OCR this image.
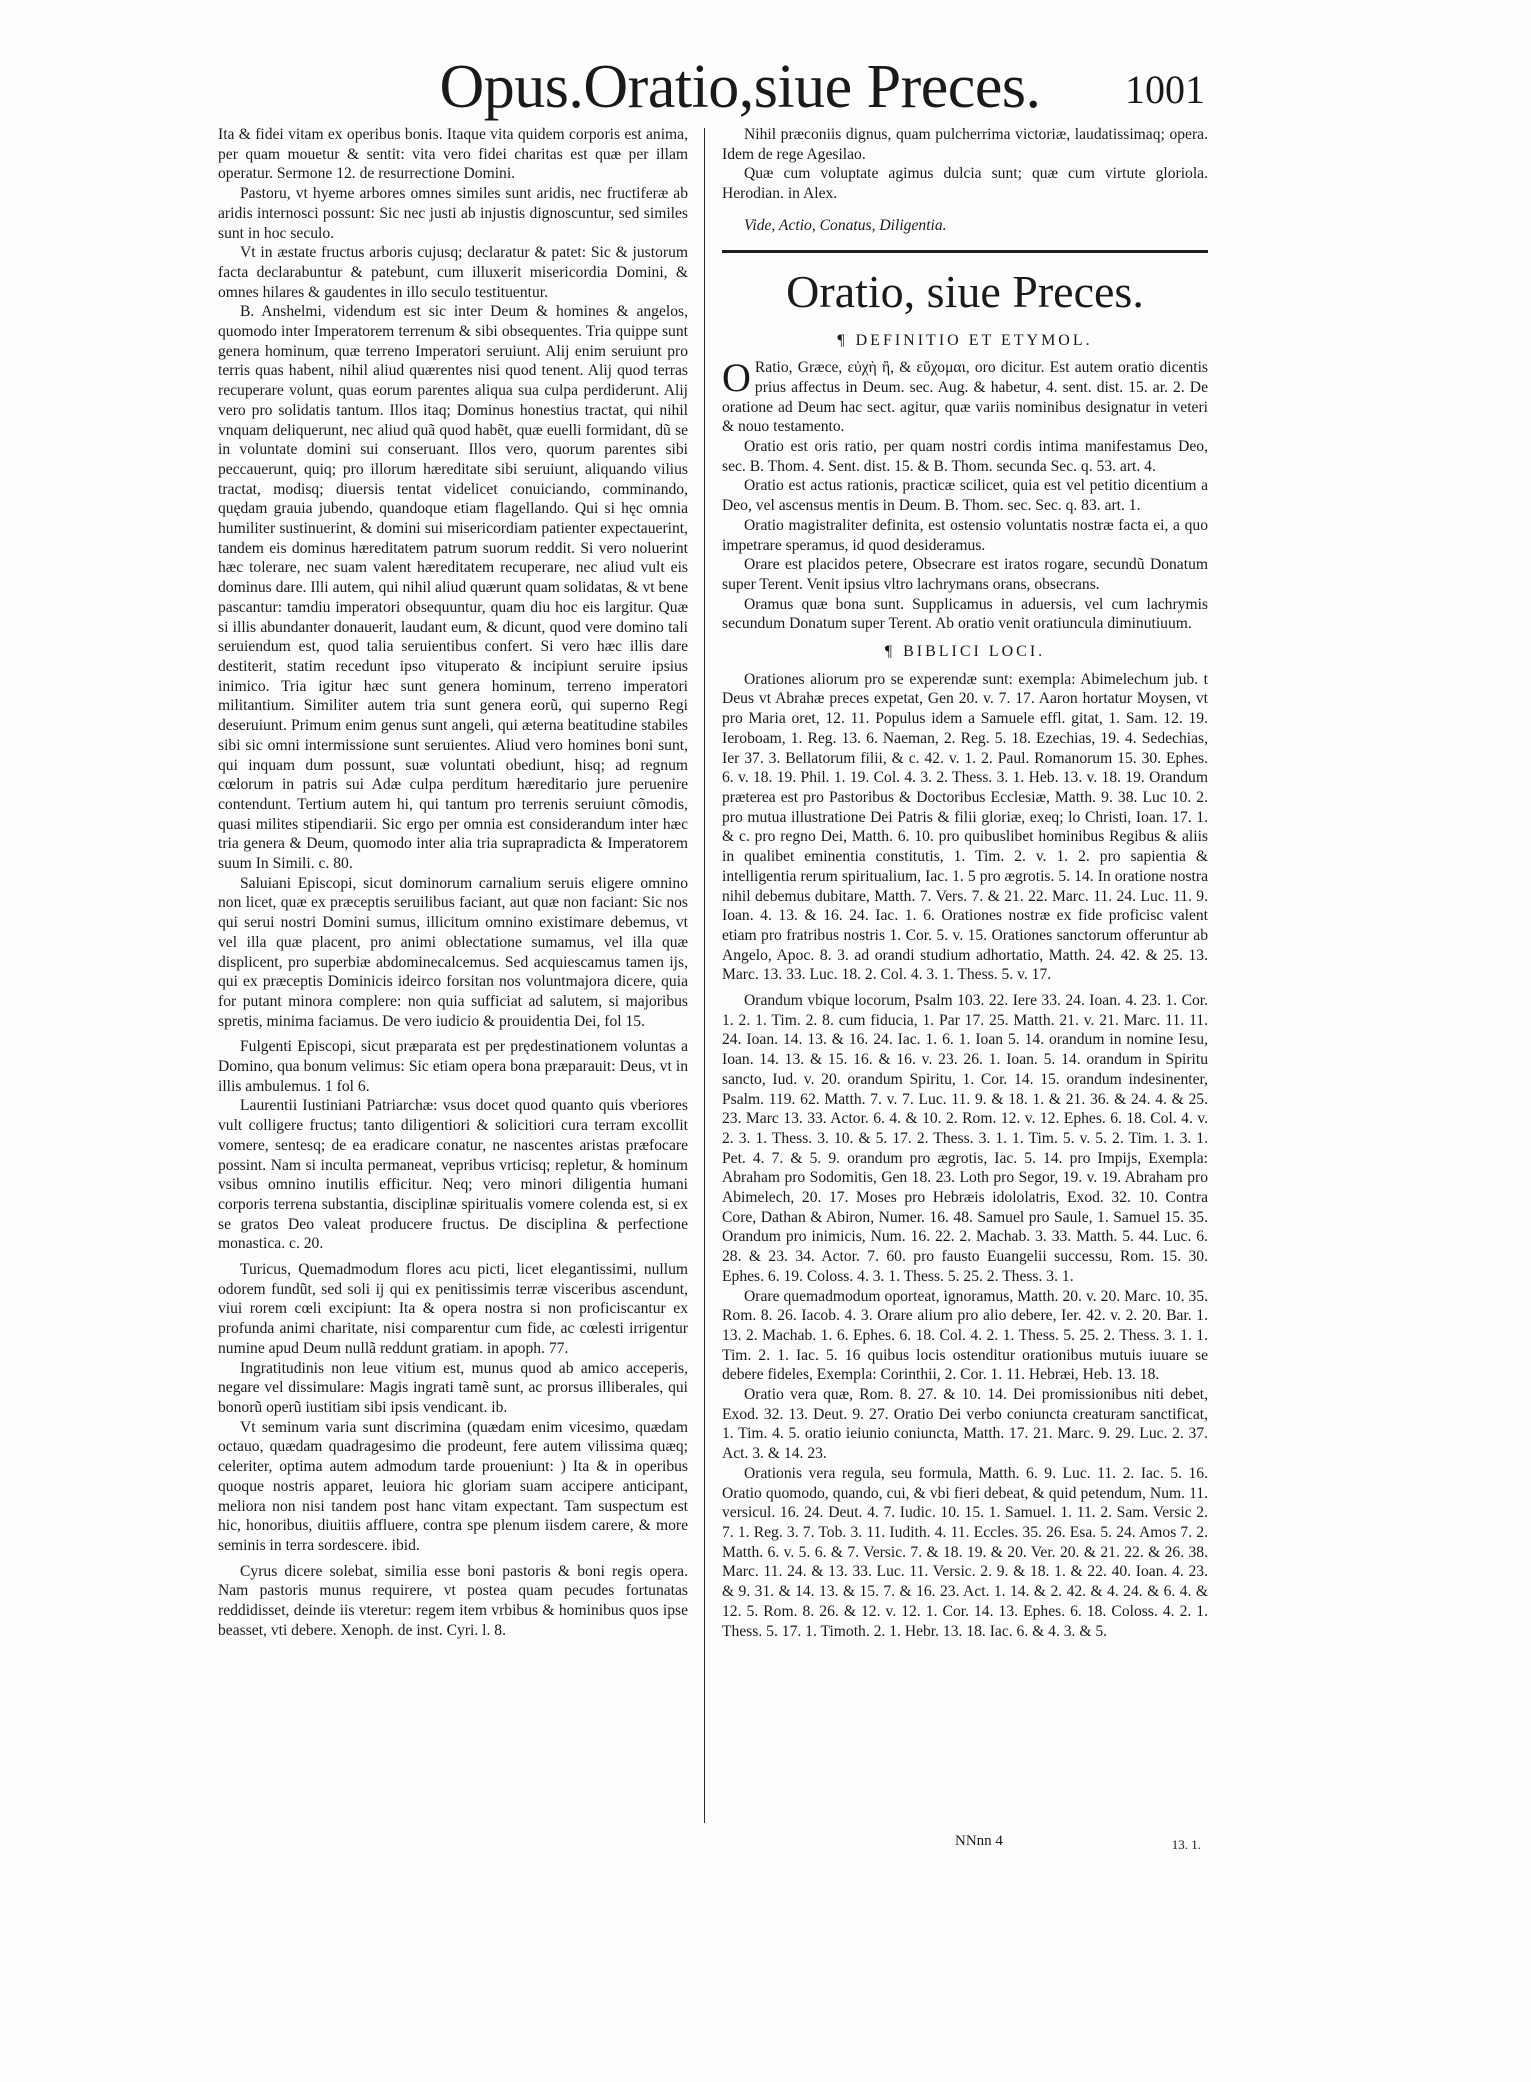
Opus.Oratio,siue Preces. 1001

Ita & fidei vitam ex operibus bonis. Itaque vita quidem corporis est anima, per quam mouetur & sentit: vita vero fidei charitas est quæ per illam operatur. Sermone 12. de resurrectione Domini.

Pastoru, vt hyeme arbores omnes similes sunt aridis, nec fructiferæ ab aridis internosci possunt: Sic nec justi ab injustis dignoscuntur, sed similes sunt in hoc seculo.

Vt in æstate fructus arboris cujusq; declaratur & patet: Sic & justorum facta declarabuntur & patebunt, cum illuxerit misericordia Domini, & omnes hilares & gaudentes in illo seculo testituentur.

B. Anshelmi, videndum est sic inter Deum & homines & angelos, quomodo inter Imperatorem terrenum & sibi obsequentes. Tria quippe sunt genera hominum, quæ terreno Imperatori seruiunt. Alij enim seruiunt pro terris quas habent, nihil aliud quærentes nisi quod tenent. Alij quod terras recuperare volunt, quas eorum parentes aliqua sua culpa perdiderunt. Alij vero pro solidatis tantum. Illos itaq; Dominus honestius tractat, qui nihil vnquam deliquerunt, nec aliud quã quod habẽt, quæ euelli formidant, dũ se in voluntate domini sui conseruant. Illos vero, quorum parentes sibi peccauerunt, quiq; pro illorum hæreditate sibi seruiunt, aliquando vilius tractat, modisq; diuersis tentat videlicet conuiciando, comminando, quędam grauia jubendo, quandoque etiam flagellando. Qui si hęc omnia humiliter sustinuerint, & domini sui misericordiam patienter expectauerint, tandem eis dominus hæreditatem patrum suorum reddit. Si vero noluerint hæc tolerare, nec suam valent hæreditatem recuperare, nec aliud vult eis dominus dare. Illi autem, qui nihil aliud quærunt quam solidatas, & vt bene pascantur: tamdiu imperatori obsequuntur, quam diu hoc eis largitur. Quæ si illis abundanter donauerit, laudant eum, & dicunt, quod vere domino tali seruiendum est, quod talia seruientibus confert. Si vero hæc illis dare destiterit, statim recedunt ipso vituperato & incipiunt seruire ipsius inimico. Tria igitur hæc sunt genera hominum, terreno imperatori militantium. Similiter autem tria sunt genera eorũ, qui superno Regi deseruiunt. Primum enim genus sunt angeli, qui æterna beatitudine stabiles sibi sic omni intermissione sunt seruientes. Aliud vero homines boni sunt, qui inquam dum possunt, suæ voluntati obediunt, hisq; ad regnum cœlorum in patris sui Adæ culpa perditum hæreditario jure peruenire contendunt. Tertium autem hi, qui tantum pro terrenis seruiunt cõmodis, quasi milites stipendiarii. Sic ergo per omnia est considerandum inter hæc tria genera & Deum, quomodo inter alia tria suprapradicta & Imperatorem suum In Simili. c. 80.

Saluiani Episcopi, sicut dominorum carnalium seruis eligere omnino non licet, quæ ex præceptis seruilibus faciant, aut quæ non faciant: Sic nos qui serui nostri Domini sumus, illicitum omnino existimare debemus, vt vel illa quæ placent, pro animi oblectatione sumamus, vel illa quæ displicent, pro superbiæ abdominecalcemus. Sed acquiescamus tamen ijs, qui ex præceptis Dominicis ideirco forsitan nos voluntmajora dicere, quia for putant minora complere: non quia sufficiat ad salutem, si majoribus spretis, minima faciamus. De vero iudicio & prouidentia Dei, fol 15.

Fulgenti Episcopi, sicut præparata est per prędestinationem voluntas a Domino, qua bonum velimus: Sic etiam opera bona præparauit: Deus, vt in illis ambulemus. 1 fol 6.

Laurentii Iustiniani Patriarchæ: vsus docet quod quanto quis vberiores vult colligere fructus; tanto diligentiori & solicitiori cura terram excollit vomere, sentesq; de ea eradicare conatur, ne nascentes aristas præfocare possint. Nam si inculta permaneat, vepribus vrticisq; repletur, & hominum vsibus omnino inutilis efficitur. Neq; vero minori diligentia humani corporis terrena substantia, disciplinæ spiritualis vomere colenda est, si ex se gratos Deo valeat producere fructus. De disciplina & perfectione monastica. c. 20.

Turicus, Quemadmodum flores acu picti, licet elegantissimi, nullum odorem fundũt, sed soli ij qui ex penitissimis terræ visceribus ascendunt, viui rorem cœli excipiunt: Ita & opera nostra si non proficiscantur ex profunda animi charitate, nisi comparentur cum fide, ac cœlesti irrigentur numine apud Deum nullã reddunt gratiam. in apoph. 77.

Ingratitudinis non leue vitium est, munus quod ab amico acceperis, negare vel dissimulare: Magis ingrati tamẽ sunt, ac prorsus illiberales, qui bonorũ operũ iustitiam sibi ipsis vendicant. ib.

Vt seminum varia sunt discrimina (quædam enim vicesimo, quædam octauo, quædam quadragesimo die prodeunt, fere autem vilissima quæq; celeriter, optima autem admodum tarde proueniunt: ) Ita & in operibus quoque nostris apparet, leuiora hic gloriam suam accipere anticipant, meliora non nisi tandem post hanc vitam expectant. Tam suspectum est hic, honoribus, diuitiis affluere, contra spe plenum iisdem carere, & more seminis in terra sordescere. ibid.

Cyrus dicere solebat, similia esse boni pastoris & boni regis opera. Nam pastoris munus requirere, vt postea quam pecudes fortunatas reddidisset, deinde iis vteretur: regem item vrbibus & hominibus quos ipse beasset, vti debere. Xenoph. de inst. Cyri. l. 8.

Nihil præconiis dignus, quam pulcherrima victoriæ, laudatissimaq; opera. Idem de rege Agesilao.

Quæ cum voluptate agimus dulcia sunt; quæ cum virtute gloriola. Herodian. in Alex.

Vide, Actio, Conatus, Diligentia.

Oratio, siue Preces.

¶ DEFINITIO ET ETYMOL.

O Ratio, Græce, εὐχὴ ἢ, & εὔχομαι, oro dicitur. Est autem oratio dicentis prius affectus in Deum. sec. Aug. & habetur, 4. sent. dist. 15. ar. 2. De oratione ad Deum hac sect. agitur, quæ variis nominibus designatur in veteri & nouo testamento.

Oratio est oris ratio, per quam nostri cordis intima manifestamus Deo, sec. B. Thom. 4. Sent. dist. 15. & B. Thom. secunda Sec. q. 53. art. 4.

Oratio est actus rationis, practicæ scilicet, quia est vel petitio dicentium a Deo, vel ascensus mentis in Deum. B. Thom. sec. Sec. q. 83. art. 1.

Oratio magistraliter definita, est ostensio voluntatis nostræ facta ei, a quo impetrare speramus, id quod desideramus.

Orare est placidos petere, Obsecrare est iratos rogare, secundũ Donatum super Terent. Venit ipsius vltro lachrymans orans, obsecrans.

Oramus quæ bona sunt. Supplicamus in aduersis, vel cum lachrymis secundum Donatum super Terent. Ab oratio venit oratiuncula diminutiuum.

¶ BIBLICI LOCI.

Orationes aliorum pro se experendæ sunt: exempla: Abimelechum jub. t Deus vt Abrahæ preces expetat, Gen 20. v. 7. 17. Aaron hortatur Moysen, vt pro Maria oret, 12. 11. Populus idem a Samuele effl. gitat, 1. Sam. 12. 19. Ieroboam, 1. Reg. 13. 6. Naeman, 2. Reg. 5. 18. Ezechias, 19. 4. Sedechias, Ier 37. 3. Bellatorum filii, & c. 42. v. 1. 2. Paul. Romanorum 15. 30. Ephes. 6. v. 18. 19. Phil. 1. 19. Col. 4. 3. 2. Thess. 3. 1. Heb. 13. v. 18. 19. Orandum præterea est pro Pastoribus & Doctoribus Ecclesiæ, Matth. 9. 38. Luc 10. 2. pro mutua illustratione Dei Patris & filii gloriæ, exeq; lo Christi, Ioan. 17. 1. & c. pro regno Dei, Matth. 6. 10. pro quibuslibet hominibus Regibus & aliis in qualibet eminentia constitutis, 1. Tim. 2. v. 1. 2. pro sapientia & intelligentia rerum spiritualium, Iac. 1. 5 pro ægrotis. 5. 14. In oratione nostra nihil debemus dubitare, Matth. 7. Vers. 7. & 21. 22. Marc. 11. 24. Luc. 11. 9. Ioan. 4. 13. & 16. 24. Iac. 1. 6. Orationes nostræ ex fide proficisc valent etiam pro fratribus nostris 1. Cor. 5. v. 15. Orationes sanctorum offeruntur ab Angelo, Apoc. 8. 3. ad orandi studium adhortatio, Matth. 24. 42. & 25. 13. Marc. 13. 33. Luc. 18. 2. Col. 4. 3. 1. Thess. 5. v. 17.

Orandum vbique locorum, Psalm 103. 22. Iere 33. 24. Ioan. 4. 23. 1. Cor. 1. 2. 1. Tim. 2. 8. cum fiducia, 1. Par 17. 25. Matth. 21. v. 21. Marc. 11. 11. 24. Ioan. 14. 13. & 16. 24. Iac. 1. 6. 1. Ioan 5. 14. orandum in nomine Iesu, Ioan. 14. 13. & 15. 16. & 16. v. 23. 26. 1. Ioan. 5. 14. orandum in Spiritu sancto, Iud. v. 20. orandum Spiritu, 1. Cor. 14. 15. orandum indesinenter, Psalm. 119. 62. Matth. 7. v. 7. Luc. 11. 9. & 18. 1. & 21. 36. & 24. 4. & 25. 23. Marc 13. 33. Actor. 6. 4. & 10. 2. Rom. 12. v. 12. Ephes. 6. 18. Col. 4. v. 2. 3. 1. Thess. 3. 10. & 5. 17. 2. Thess. 3. 1. 1. Tim. 5. v. 5. 2. Tim. 1. 3. 1. Pet. 4. 7. & 5. 9. orandum pro ægrotis, Iac. 5. 14. pro Impijs, Exempla: Abraham pro Sodomitis, Gen 18. 23. Loth pro Segor, 19. v. 19. Abraham pro Abimelech, 20. 17. Moses pro Hebræis idololatris, Exod. 32. 10. Contra Core, Dathan & Abiron, Numer. 16. 48. Samuel pro Saule, 1. Samuel 15. 35. Orandum pro inimicis, Num. 16. 22. 2. Machab. 3. 33. Matth. 5. 44. Luc. 6. 28. & 23. 34. Actor. 7. 60. pro fausto Euangelii successu, Rom. 15. 30. Ephes. 6. 19. Coloss. 4. 3. 1. Thess. 5. 25. 2. Thess. 3. 1.

Orare quemadmodum oporteat, ignoramus, Matth. 20. v. 20. Marc. 10. 35. Rom. 8. 26. Iacob. 4. 3. Orare alium pro alio debere, Ier. 42. v. 2. 20. Bar. 1. 13. 2. Machab. 1. 6. Ephes. 6. 18. Col. 4. 2. 1. Thess. 5. 25. 2. Thess. 3. 1. 1. Tim. 2. 1. Iac. 5. 16 quibus locis ostenditur orationibus mutuis iuuare se debere fideles, Exempla: Corinthii, 2. Cor. 1. 11. Hebræi, Heb. 13. 18.

Oratio vera quæ, Rom. 8. 27. & 10. 14. Dei promissionibus niti debet, Exod. 32. 13. Deut. 9. 27. Oratio Dei verbo coniuncta creaturam sanctificat, 1. Tim. 4. 5. oratio ieiunio coniuncta, Matth. 17. 21. Marc. 9. 29. Luc. 2. 37. Act. 3. & 14. 23.

Orationis vera regula, seu formula, Matth. 6. 9. Luc. 11. 2. Iac. 5. 16. Oratio quomodo, quando, cui, & vbi fieri debeat, & quid petendum, Num. 11. versicul. 16. 24. Deut. 4. 7. Iudic. 10. 15. 1. Samuel. 1. 11. 2. Sam. Versic 2. 7. 1. Reg. 3. 7. Tob. 3. 11. Iudith. 4. 11. Eccles. 35. 26. Esa. 5. 24. Amos 7. 2. Matth. 6. v. 5. 6. & 7. Versic. 7. & 18. 19. & 20. Ver. 20. & 21. 22. & 26. 38. Marc. 11. 24. & 13. 33. Luc. 11. Versic. 2. 9. & 18. 1. & 22. 40. Ioan. 4. 23. & 9. 31. & 14. 13. & 15. 7. & 16. 23. Act. 1. 14. & 2. 42. & 4. 24. & 6. 4. & 12. 5. Rom. 8. 26. & 12. v. 12. 1. Cor. 14. 13. Ephes. 6. 18. Coloss. 4. 2. 1. Thess. 5. 17. 1. Timoth. 2. 1. Hebr. 13. 18. Iac. 6. & 4. 3. & 5.

NNnn 4	13. 1.
